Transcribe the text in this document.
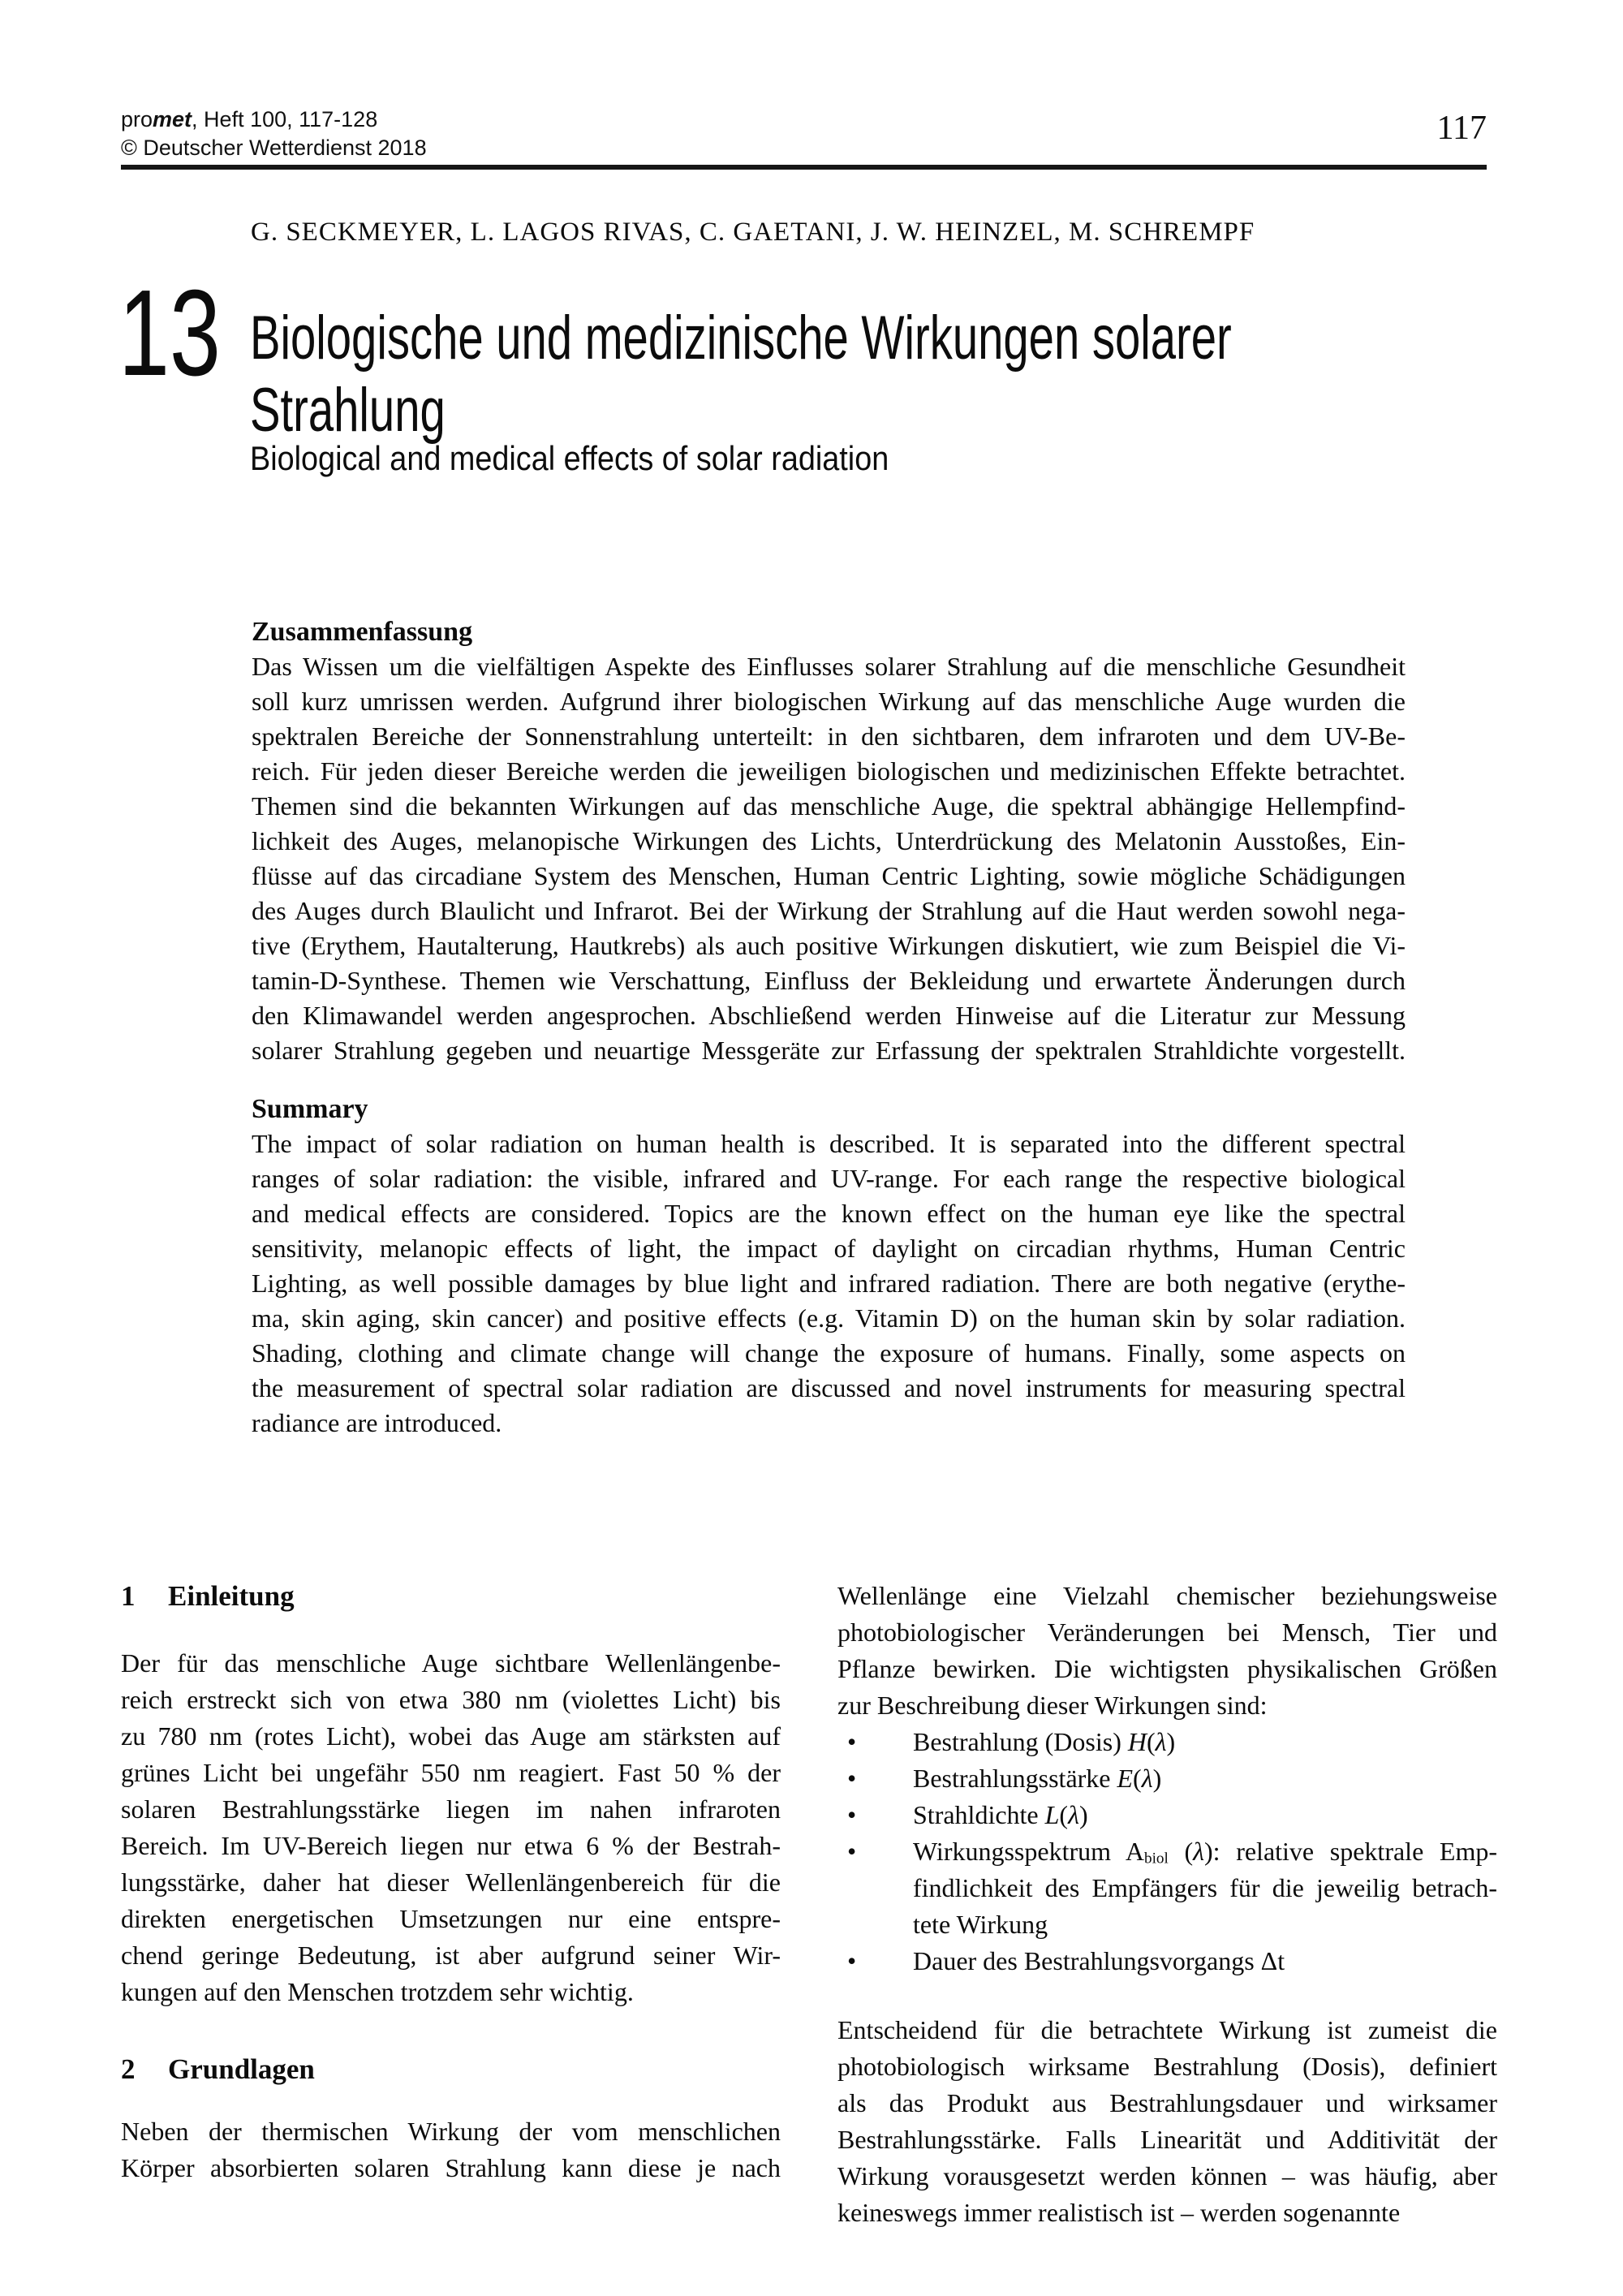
promet, Heft 100, 117-128
© Deutscher Wetterdienst 2018
117
G. SECKMEYER, L. LAGOS RIVAS, C. GAETANI, J. W. HEINZEL, M. SCHREMPF
13 Biologische und medizinische Wirkungen solarer
Strahlung
Biological and medical effects of solar radiation
Zusammenfassung
Das Wissen um die vielfältigen Aspekte des Einflusses solarer Strahlung auf die menschliche Gesundheit
soll kurz umrissen werden. Aufgrund ihrer biologischen Wirkung auf das menschliche Auge wurden die
spektralen Bereiche der Sonnenstrahlung unterteilt: in den sichtbaren, dem infraroten und dem UV-Be-
reich. Für jeden dieser Bereiche werden die jeweiligen biologischen und medizinischen Effekte betrachtet.
Themen sind die bekannten Wirkungen auf das menschliche Auge, die spektral abhängige Hellempfind-
lichkeit des Auges, melanopische Wirkungen des Lichts, Unterdrückung des Melatonin Ausstoßes, Ein-
flüsse auf das circadiane System des Menschen, Human Centric Lighting, sowie mögliche Schädigungen
des Auges durch Blaulicht und Infrarot. Bei der Wirkung der Strahlung auf die Haut werden sowohl nega-
tive (Erythem, Hautalterung, Hautkrebs) als auch positive Wirkungen diskutiert, wie zum Beispiel die Vi-
tamin-D-Synthese. Themen wie Verschattung, Einfluss der Bekleidung und erwartete Änderungen durch
den Klimawandel werden angesprochen. Abschließend werden Hinweise auf die Literatur zur Messung
solarer Strahlung gegeben und neuartige Messgeräte zur Erfassung der spektralen Strahldichte vorgestellt.
Summary
The impact of solar radiation on human health is described. It is separated into the different spectral
ranges of solar radiation: the visible, infrared and UV-range. For each range the respective biological
and medical effects are considered. Topics are the known effect on the human eye like the spectral
sensitivity, melanopic effects of light, the impact of daylight on circadian rhythms, Human Centric
Lighting, as well possible damages by blue light and infrared radiation. There are both negative (erythe-
ma, skin aging, skin cancer) and positive effects (e.g. Vitamin D) on the human skin by solar radiation.
Shading, clothing and climate change will change the exposure of humans. Finally, some aspects on
the measurement of spectral solar radiation are discussed and novel instruments for measuring spectral
radiance are introduced.
1 Einleitung
Der für das menschliche Auge sichtbare Wellenlängenbe-
reich erstreckt sich von etwa 380 nm (violettes Licht) bis
zu 780 nm (rotes Licht), wobei das Auge am stärksten auf
grünes Licht bei ungefähr 550 nm reagiert. Fast 50 % der
solaren Bestrahlungsstärke liegen im nahen infraroten
Bereich. Im UV-Bereich liegen nur etwa 6 % der Bestrah-
lungsstärke, daher hat dieser Wellenlängenbereich für die
direkten energetischen Umsetzungen nur eine entspre-
chend geringe Bedeutung, ist aber aufgrund seiner Wir-
kungen auf den Menschen trotzdem sehr wichtig.
2 Grundlagen
Neben der thermischen Wirkung der vom menschlichen
Körper absorbierten solaren Strahlung kann diese je nach
Wellenlänge eine Vielzahl chemischer beziehungsweise
photobiologischer Veränderungen bei Mensch, Tier und
Pflanze bewirken. Die wichtigsten physikalischen Größen
zur Beschreibung dieser Wirkungen sind:
•	Bestrahlung (Dosis) H(λ)
•	Bestrahlungsstärke E(λ)
•	Strahldichte L(λ)
•	Wirkungsspektrum $A_{biol}$ (λ): relative spektrale Emp-
findlichkeit des Empfängers für die jeweilig betrach-
tete Wirkung
•	Dauer des Bestrahlungsvorgangs Δt
Entscheidend für die betrachtete Wirkung ist zumeist die
photobiologisch wirksame Bestrahlung (Dosis), definiert
als das Produkt aus Bestrahlungsdauer und wirksamer
Bestrahlungsstärke. Falls Linearität und Additivität der
Wirkung vorausgesetzt werden können – was häufig, aber
keineswegs immer realistisch ist – werden sogenannte
